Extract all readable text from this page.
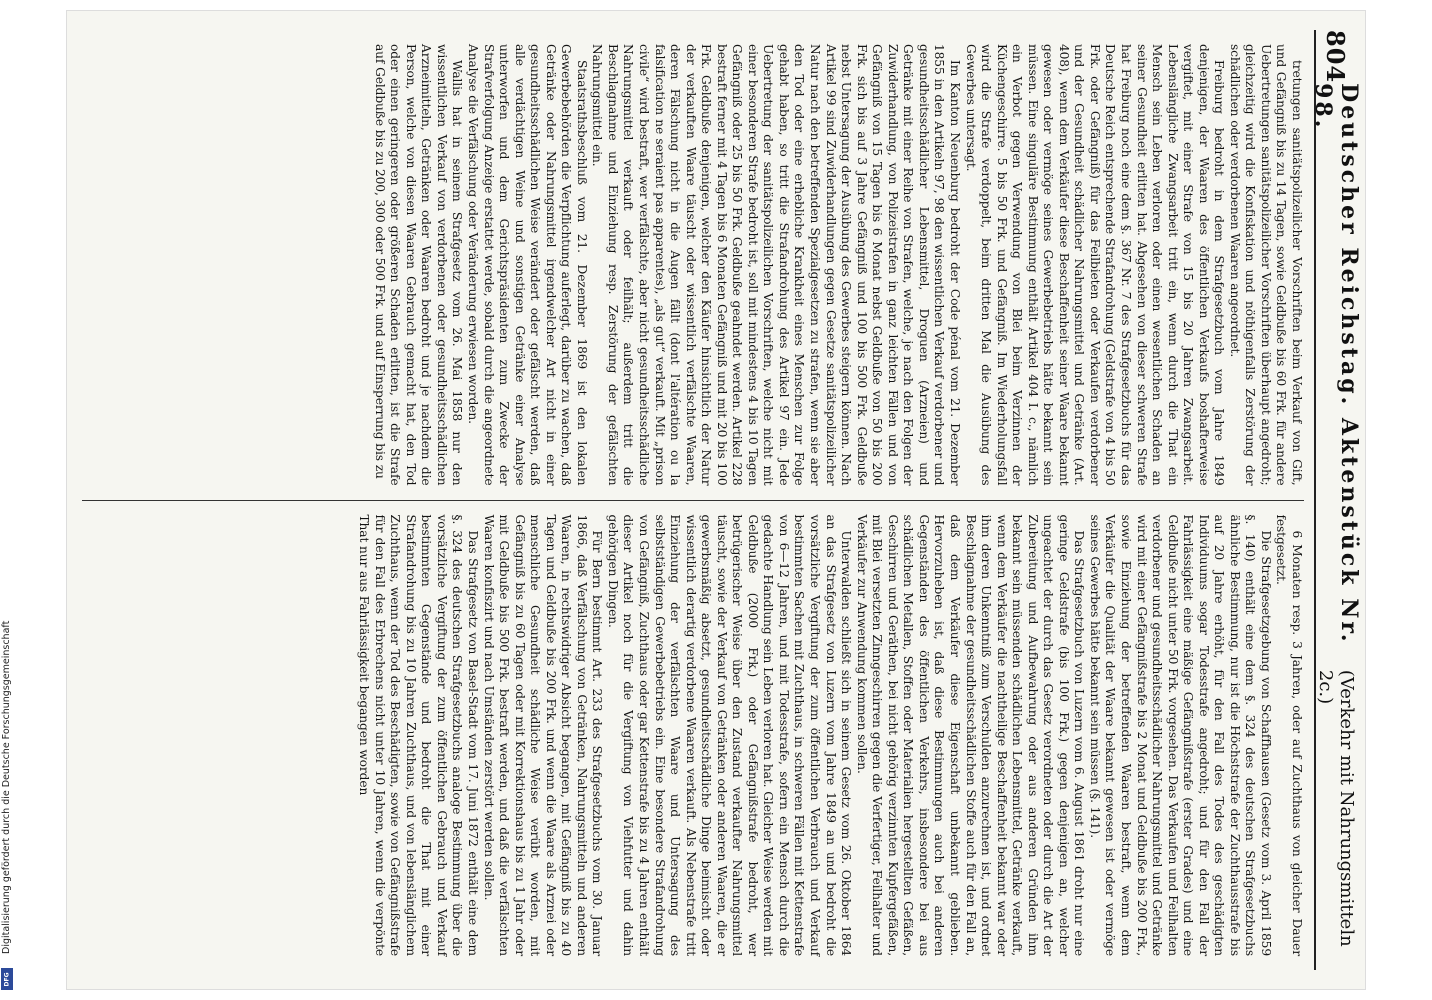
804
Deutscher Reichstag. Aktenstück Nr. 98.
(Verkehr mit Nahrungsmitteln 2c.)

tretungen sanitätspolizeilicher Vorschriften beim Verkauf von Gift, und Gefängniß bis zu 14 Tagen, sowie Geldbuße bis 60 Frk. für andere Uebertretungen sanitätspolizeilicher Vorschriften überhaupt angedroht; gleichzeitig wird die Konfiskation und nöthigenfalls Zerstörung der schädlichen oder verdorbenen Waaren angeordnet.

Freiburg bedroht in dem Strafgesetzbuch vom Jahre 1849 denjenigen, der Waaren des öffentlichen Verkaufs boshafterweise vergiftet, mit einer Strafe von 15 bis 20 Jahren Zwangsarbeit. Lebenslängliche Zwangsarbeit tritt ein, wenn durch die That ein Mensch sein Leben verloren oder einen wesentlichen Schaden an seiner Gesundheit erlitten hat. Abgesehen von dieser schweren Strafe hat Freiburg noch eine dem §. 367 Nr. 7 des Strafgesetzbuchs für das Deutsche Reich entsprechende Strafandrohung (Geldstrafe von 4 bis 50 Frk. oder Gefängniß) für das Feilbieten oder Verkaufen verdorbener und der Gesundheit schädlicher Nahrungsmittel und Getränke (Art. 408), wenn dem Verkäufer diese Beschaffenheit seiner Waare bekannt gewesen oder vermöge seines Gewerbebetriebs hätte bekannt sein müssen. Eine singuläre Bestimmung enthält Artikel 404 I. c., nämlich ein Verbot gegen Verwendung von Blei beim Verzinnen der Küchengeschirre. 5 bis 50 Frk. und Gefängniß. Im Wiederholungsfall wird die Strafe verdoppelt, beim dritten Mal die Ausübung des Gewerbes untersagt.

Im Kanton Neuenburg bedroht der Code pénal vom 21. Dezember 1855 in den Artikeln 97, 98 den wissentlichen Verkauf verdorbener und gesundheitsschädlicher Lebensmittel, Droguen (Arzneien) und Getränke mit einer Reihe von Strafen, welche, je nach den Folgen der Zuwiderhandlung, von Polizeistrafen in ganz leichten Fällen und von Gefängniß von 15 Tagen bis 6 Monat nebst Geldbuße von 50 bis 200 Frk. sich bis auf 3 Jahre Gefängniß und 100 bis 500 Frk. Geldbuße nebst Untersagung der Ausübung des Gewerbes steigern können. Nach Artikel 99 sind Zuwiderhandlungen gegen Gesetze sanitätspolizeilicher Natur nach den betreffenden Spezialgesetzen zu strafen, wenn sie aber den Tod oder eine erhebliche Krankheit eines Menschen zur Folge gehabt haben, so tritt die Strafandrohung des Artikel 97 ein. Jede Uebertretung der sanitätspolizeilichen Vorschriften, welche nicht mit einer besonderen Strafe bedroht ist, soll mit mindestens 4 bis 10 Tagen Gefängniß oder 25 bis 50 Frk. Geldbuße geahndet werden. Artikel 228 bestraft ferner mit 4 Tagen bis 6 Monaten Gefängniß und mit 20 bis 100 Frk. Geldbuße denjenigen, welcher den Käufer hinsichtlich der Natur der verkauften Waare täuscht oder wissentlich verfälschte Waaren, deren Fälschung nicht in die Augen fällt (dont l'altération ou la falsification ne seraient pas apparentes), „als gut“ verkauft. Mit „prison civile“ wird bestraft, wer verfälschte, aber nicht gesundheitsschädliche Nahrungsmittel verkauft oder feilhält; außerdem tritt die Beschlagnahme und Einziehung resp. Zerstörung der gefälschten Nahrungsmittel ein.

Staatsrathsbeschluß vom 21. Dezember 1869 ist den lokalen Gewerbebehörden die Verpflichtung auferlegt, darüber zu wachen, daß Getränke oder Nahrungsmittel irgendwelcher Art nicht in einer gesundheitsschädlichen Weise verändert oder gefälscht werden, daß alle verdächtigen Weine und sonstigen Getränke einer Analyse unterworfen und dem Gerichtspräsidenten zum Zwecke der Strafverfolgung Anzeige erstattet werde, sobald durch die angeordnete Analyse die Verfälschung oder Veränderung erwiesen worden.

Wallis hat in seinem Strafgesetz vom 26. Mai 1858 nur den wissentlichen Verkauf von verdorbenen oder gesundheitsschädlichen Arzneimitteln, Getränken oder Waaren bedroht und je nachdem die Person, welche von diesen Waaren Gebrauch gemacht hat, den Tod oder einen geringeren oder größeren Schaden erlitten, ist die Strafe auf Geldbuße bis zu 200, 300 oder 500 Frk. und auf Einsperrung bis zu

6 Monaten resp. 3 Jahren, oder auf Zuchthaus von gleicher Dauer festgesetzt.

Die Strafgesetzgebung von Schaffhausen (Gesetz vom 3. April 1859 §. 140) enthält eine dem §. 324 des deutschen Strafgesetzbuchs ähnliche Bestimmung, nur ist die Höchststrafe der Zuchthausstrafe bis auf 20 Jahre erhöht, für den Fall des Todes des geschädigten Individuums sogar Todesstrafe angedroht; und für den Fall der Fahrlässigkeit eine mäßige Gefängnißstrafe (erster Grades) und eine Geldbuße nicht unter 50 Frk. vorgesehen. Das Verkaufen und Feilhalten verdorbener und gesundheitsschädlicher Nahrungsmittel und Getränke wird mit einer Gefängnißstrafe bis 2 Monat und Geldbuße bis 200 Frk., sowie Einziehung der betreffenden Waaren bestraft, wenn dem Verkäufer die Qualität der Waare bekannt gewesen ist oder vermöge seines Gewerbes hätte bekannt sein müssen (§. 141).

Das Strafgesetzbuch von Luzern vom 6. August 1861 droht nur eine geringe Geldstrafe (bis 100 Frk.) gegen denjenigen an, welcher ungeachtet der durch das Gesetz verordneten oder durch die Art der Zubereitung und Aufbewahrung oder aus anderen Gründen ihm bekannt sein müssenden schädlichen Lebensmittel, Getränke verkauft, wenn dem Verkäufer die nachtheilige Beschaffenheit bekannt war oder ihm deren Unkenntniß zum Verschulden anzurechnen ist, und ordnet Beschlagnahme der gesundheitsschädlichen Stoffe auch für den Fall an, daß dem Verkäufer diese Eigenschaft unbekannt geblieben. Hervorzuheben ist, daß diese Bestimmungen auch bei anderen Gegenständen des öffentlichen Verkehrs, insbesondere bei aus schädlichen Metallen, Stoffen oder Materialien hergestellten Gefäßen, Geschirren und Geräthen, bei nicht gehörig verzinnten Kupfergefäßen, mit Blei versetzten Zinngeschirren gegen die Verfertiger, Feilhalter und Verkäufer zur Anwendung kommen sollen.

Unterwalden schließt sich in seinem Gesetz vom 26. Oktober 1864 an das Strafgesetz von Luzern vom Jahre 1849 an und bedroht die vorsätzliche Vergiftung der zum öffentlichen Verbrauch und Verkauf bestimmten Sachen mit Zuchthaus, in schweren Fällen mit Kettenstrafe von 6—12 Jahren, und mit Todesstrafe, sofern ein Mensch durch die gedachte Handlung sein Leben verloren hat. Gleicher Weise werden mit Geldbuße (2000 Frk.) oder Gefängnißstrafe bedroht, wer betrügerischer Weise über den Zustand verkaufter Nahrungsmittel täuscht, sowie der Verkauf von Getränken oder anderen Waaren, die er gewerbsmäßig absetzt, gesundheitsschädliche Dinge beimischt oder wissentlich derartig verdorbene Waaren verkauft. Als Nebenstrafe tritt Einziehung der verfälschten Waare und Untersagung des selbstständigen Gewerbebetriebs ein. Eine besondere Strafandrohung von Gefängniß, Zuchthaus oder gar Kettenstrafe bis zu 4 Jahren enthält dieser Artikel noch für die Vergiftung von Viehfutter und dahin gehörigen Dingen.

Für Bern bestimmt Art. 233 des Strafgesetzbuchs vom 30. Januar 1866, daß Verfälschung von Getränken, Nahrungsmitteln und anderen Waaren, in rechtswidriger Absicht begangen, mit Gefängniß bis zu 40 Tagen und Geldbuße bis 200 Frk. und wenn die Waare als Arznei oder menschliche Gesundheit schädliche Weise verübt worden, mit Gefängniß bis zu 60 Tagen oder mit Korrektionshaus bis zu 1 Jahr oder mit Geldbuße bis 500 Frk. bestraft werden, und daß die verfälschten Waaren konfiszirt und nach Umständen zerstört werden sollen.

Das Strafgesetz von Basel-Stadt vom 17. Juni 1872 enthält eine dem §. 324 des deutschen Strafgesetzbuchs analoge Bestimmung über die vorsätzliche Vergiftung der zum öffentlichen Gebrauch und Verkauf bestimmten Gegenstände und bedroht die That mit einer Strafandrohung bis zu 10 Jahren Zuchthaus, und von lebenslänglichem Zuchthaus, wenn der Tod des Beschädigten, sowie von Gefängnißstrafe für den Fall des Erbrechens nicht unter 10 Jahren, wenn die verpönte That nur aus Fahrlässigkeit begangen worden

Digitalisierung gefördert durch die Deutsche Forschungsgemeinschaft
DFG
